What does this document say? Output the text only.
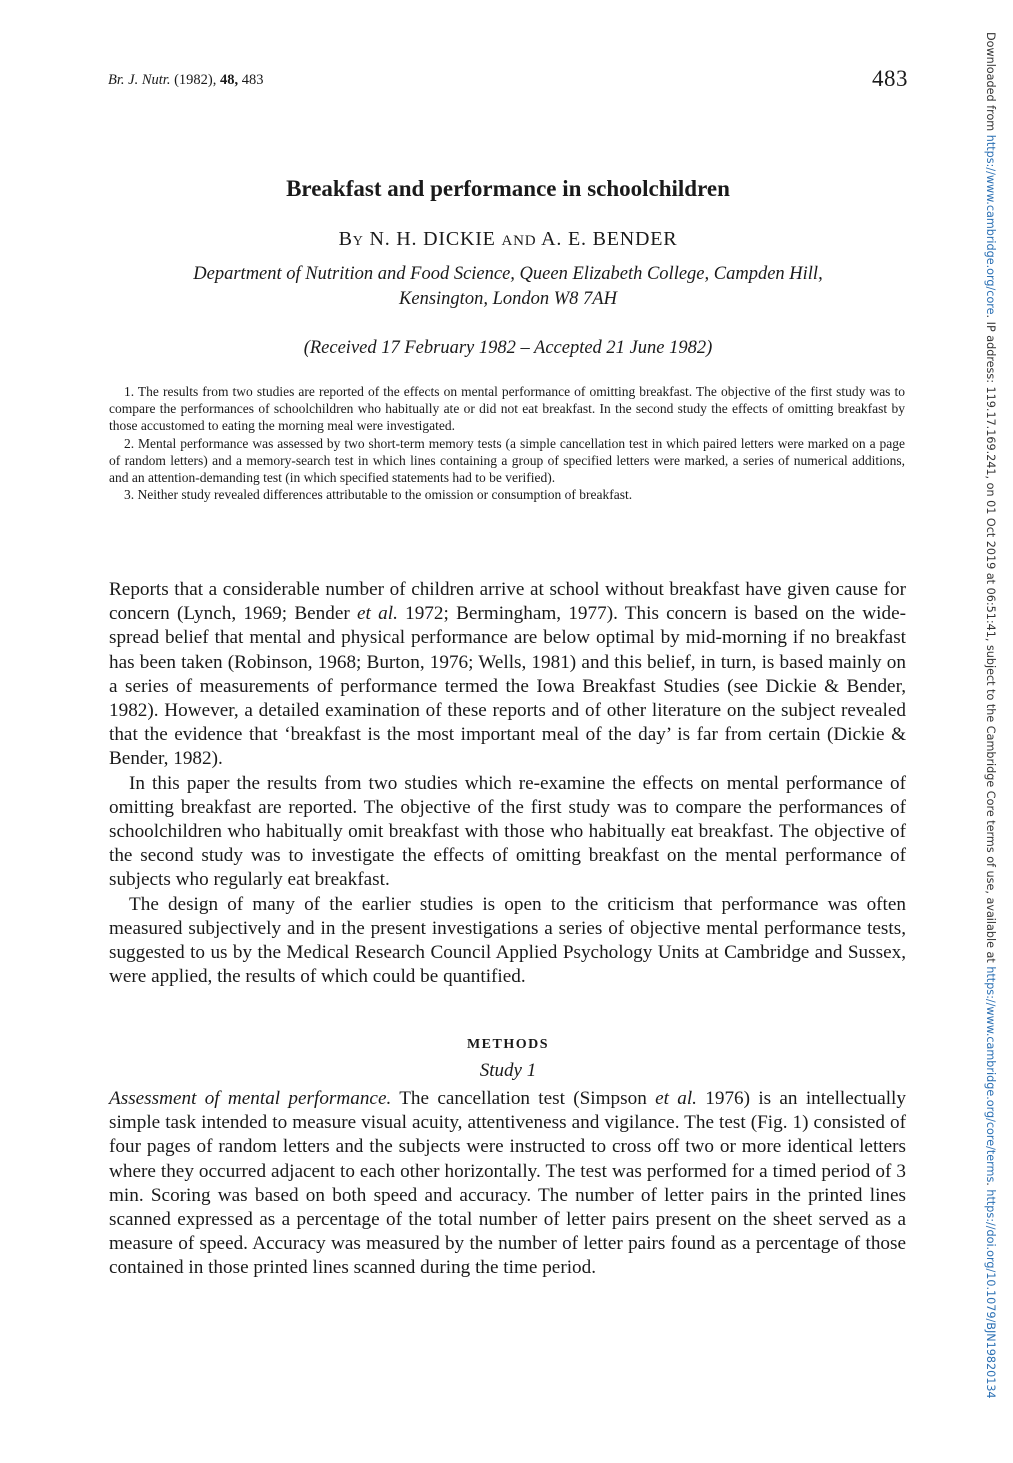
Br. J. Nutr. (1982), 48, 483	483
Breakfast and performance in schoolchildren
By N. H. DICKIE AND A. E. BENDER
Department of Nutrition and Food Science, Queen Elizabeth College, Campden Hill,
Kensington, London W8 7AH
(Received 17 February 1982 – Accepted 21 June 1982)

1. The results from two studies are reported of the effects on mental performance of omitting breakfast. The objective of the first study was to compare the performances of schoolchildren who habitually ate or did not eat breakfast. In the second study the effects of omitting breakfast by those accustomed to eating the morning meal were investigated.

2. Mental performance was assessed by two short-term memory tests (a simple cancellation test in which paired letters were marked on a page of random letters) and a memory-search test in which lines containing a group of specified letters were marked, a series of numerical additions, and an attention-demanding test (in which specified statements had to be verified).

3. Neither study revealed differences attributable to the omission or consumption of breakfast.

Reports that a considerable number of children arrive at school without breakfast have given cause for concern (Lynch, 1969; Bender et al. 1972; Bermingham, 1977). This concern is based on the wide-spread belief that mental and physical performance are below optimal by mid-morning if no breakfast has been taken (Robinson, 1968; Burton, 1976; Wells, 1981) and this belief, in turn, is based mainly on a series of measurements of performance termed the Iowa Breakfast Studies (see Dickie & Bender, 1982). However, a detailed examination of these reports and of other literature on the subject revealed that the evidence that ‘breakfast is the most important meal of the day’ is far from certain (Dickie & Bender, 1982).

In this paper the results from two studies which re-examine the effects on mental performance of omitting breakfast are reported. The objective of the first study was to compare the performances of schoolchildren who habitually omit breakfast with those who habitually eat breakfast. The objective of the second study was to investigate the effects of omitting breakfast on the mental performance of subjects who regularly eat breakfast.

The design of many of the earlier studies is open to the criticism that performance was often measured subjectively and in the present investigations a series of objective mental performance tests, suggested to us by the Medical Research Council Applied Psychology Units at Cambridge and Sussex, were applied, the results of which could be quantified.

METHODS
Study 1

Assessment of mental performance. The cancellation test (Simpson et al. 1976) is an intellectually simple task intended to measure visual acuity, attentiveness and vigilance. The test (Fig. 1) consisted of four pages of random letters and the subjects were instructed to cross off two or more identical letters where they occurred adjacent to each other horizontally. The test was performed for a timed period of 3 min. Scoring was based on both speed and accuracy. The number of letter pairs in the printed lines scanned expressed as a percentage of the total number of letter pairs present on the sheet served as a measure of speed. Accuracy was measured by the number of letter pairs found as a percentage of those contained in those printed lines scanned during the time period.

Downloaded from https://www.cambridge.org/core. IP address: 119.17.169.241, on 01 Oct 2019 at 06:51:41, subject to the Cambridge Core terms of use, available at https://www.cambridge.org/core/terms. https://doi.org/10.1079/BJN19820134
